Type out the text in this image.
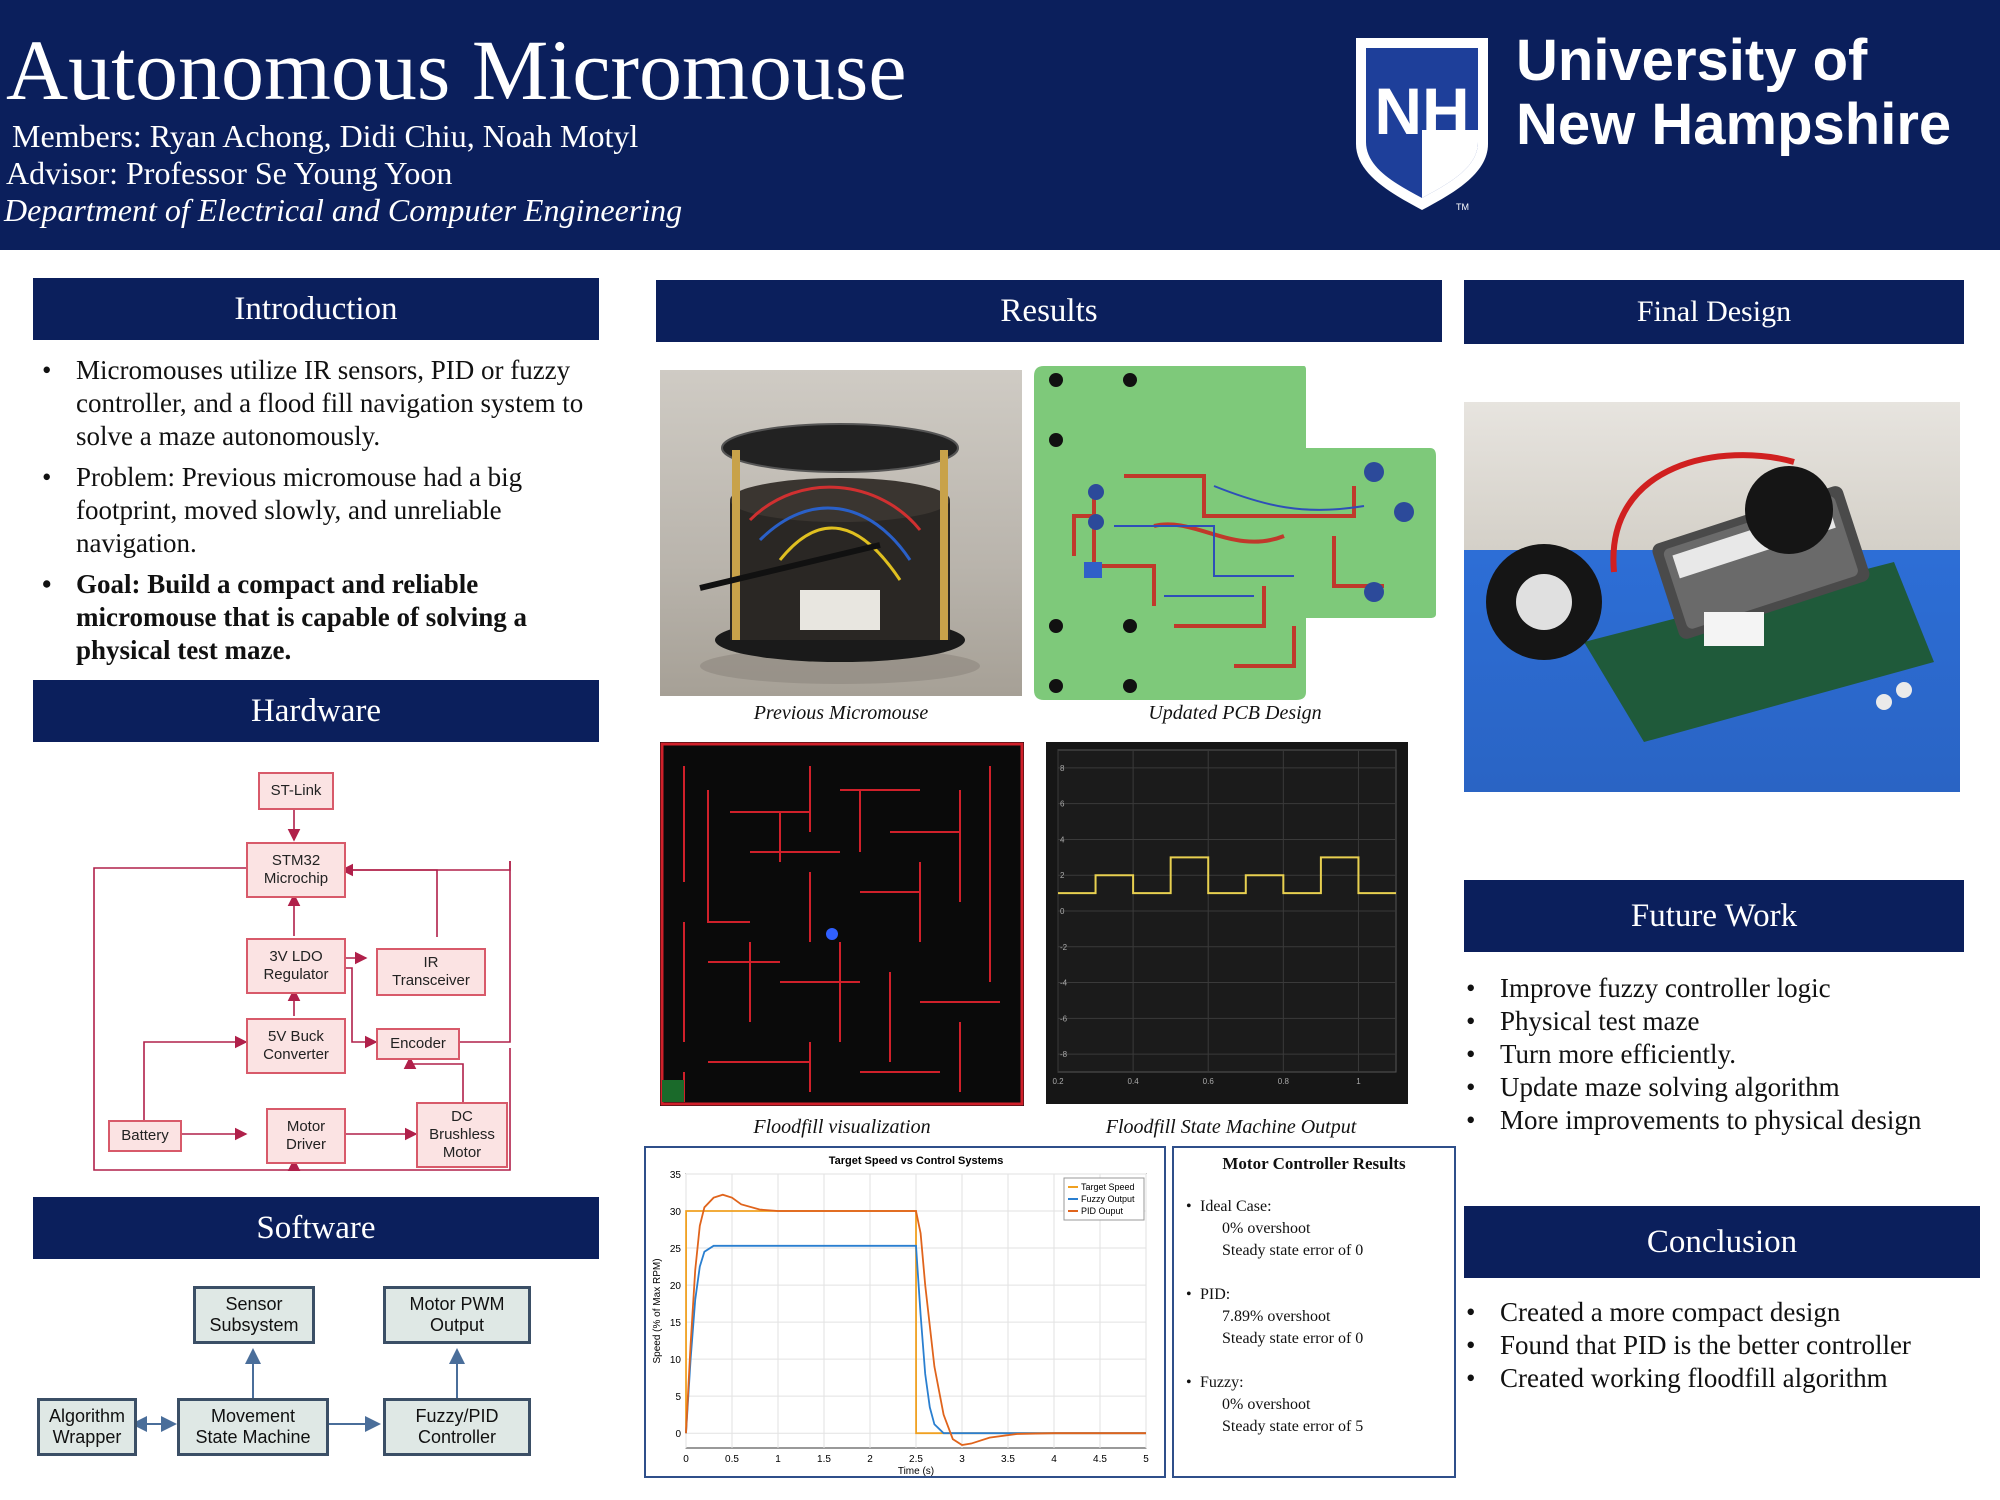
Autonomous Micromouse
Members: Ryan Achong, Didi Chiu, Noah Motyl
Advisor: Professor Se Young Yoon
Department of Electrical and Computer Engineering
NH
TM
University of
New Hampshire
Introduction
• Micromouses utilize IR sensors, PID or fuzzy controller, and a flood fill navigation system to solve a maze autonomously.
• Problem: Previous micromouse had a big footprint, moved slowly, and unreliable navigation.
• Goal: Build a compact and reliable micromouse that is capable of solving a physical test maze.
Hardware
ST-Link
STM32
Microchip
3V LDO
Regulator
IR
Transceiver
5V Buck
Converter
Encoder
Battery
Motor
Driver
DC
Brushless
Motor
Software
Sensor
Subsystem
Motor PWM
Output
Algorithm
Wrapper
Movement
State Machine
Fuzzy/PID
Controller
Results
Previous Micromouse	Updated PCB Design
Floodfill visualization
8
6
4
2
0
-2
-4
-6
-8
0.2	0.4	0.6	0.8	1
Floodfill State Machine Output
0
5
10
15
20
25
30
35
0	0.5	1	1.5	2	2.5	3	3.5	4	4.5	5
Target Speed vs Control Systems
Time (s)
Speed (% of Max RPM)
Target Speed
Fuzzy Output
PID Ouput
Motor Controller Results
• Ideal Case:
0% overshoot
Steady state error of 0
• PID:
7.89% overshoot
Steady state error of 0
• Fuzzy:
0% overshoot
Steady state error of 5
Final Design
Future Work
• Improve fuzzy controller logic
• Physical test maze
• Turn more efficiently.
• Update maze solving algorithm
• More improvements to physical design
Conclusion
• Created a more compact design
• Found that PID is the better controller
• Created working floodfill algorithm
